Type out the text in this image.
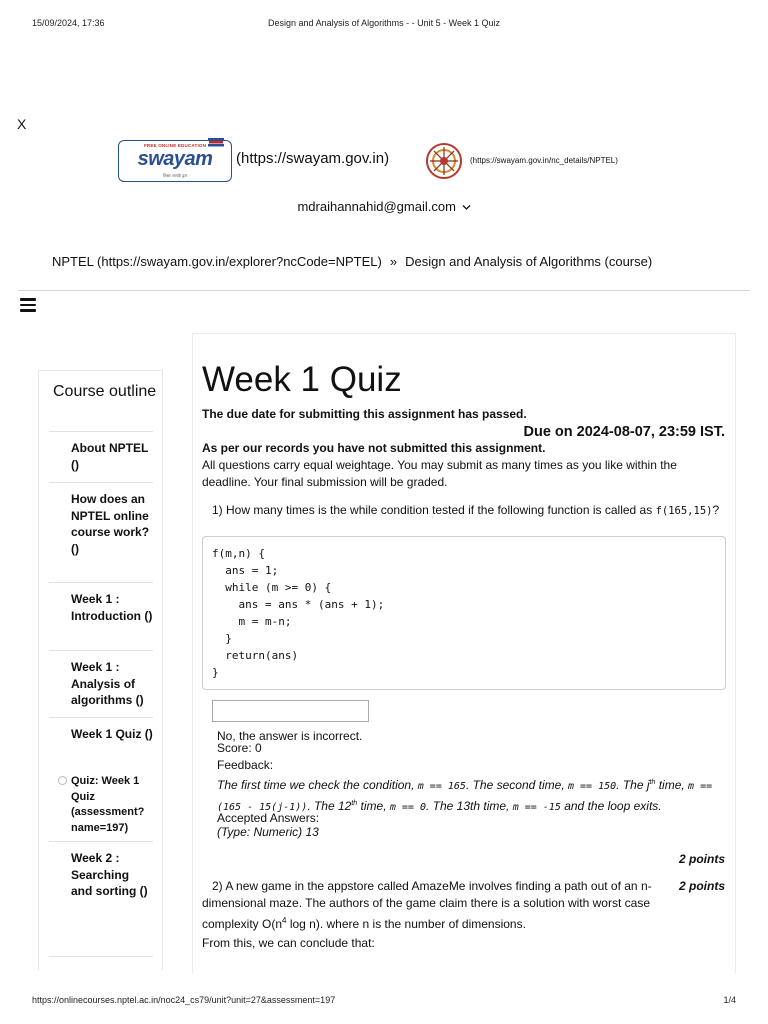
15/09/2024, 17:36	Design and Analysis of Algorithms - - Unit 5 - Week 1 Quiz
X
FREE ONLINE EDUCATION
swayam
शिक्षा आपके द्वार
(https://swayam.gov.in)	(https://swayam.gov.in/nc_details/NPTEL)
mdraihannahid@gmail.com
NPTEL (https://swayam.gov.in/explorer?ncCode=NPTEL) » Design and Analysis of Algorithms (course)
Course outline
About NPTEL ()
How does an NPTEL online course work? ()
Week 1 : Introduction ()
Week 1 : Analysis of algorithms ()
Week 1 Quiz ()
Quiz: Week 1 Quiz (assessment?name=197)
Week 2 : Searching and sorting ()
Week 1 Quiz
The due date for submitting this assignment has passed.
Due on 2024-08-07, 23:59 IST.
As per our records you have not submitted this assignment.
All questions carry equal weightage. You may submit as many times as you like within the deadline. Your final submission will be graded.
1) How many times is the while condition tested if the following function is called as f(165,15)?
f(m,n) {
ans = 1;
while (m >= 0) {
ans = ans * (ans + 1);
m = m-n;
}
return(ans)
}
No, the answer is incorrect.
Score: 0
Feedback:
The first time we check the condition, m == 165. The second time, m == 150. The $j^{th}$ time, m == (165 - 15(j-1)). The 12th time, m == 0. The 13th time, m == -15 and the loop exits.
Accepted Answers:
(Type: Numeric) 13
2 points
2) A new game in the appstore called AmazeMe involves finding a path out of an n-dimensional maze. The authors of the game claim there is a solution with worst case complexity $O(n^4$ log n). where n is the number of dimensions.
2 points
From this, we can conclude that:
https://onlinecourses.nptel.ac.in/noc24_cs79/unit?unit=27&assessment=197	1/4
